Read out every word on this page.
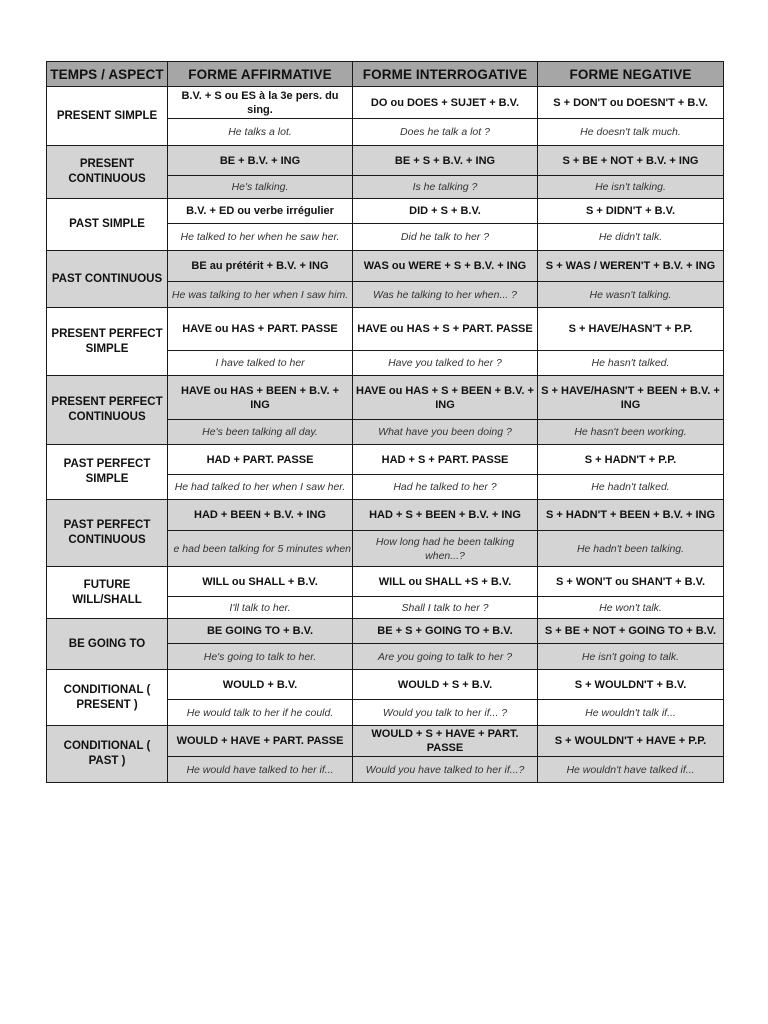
TEMPS / ASPECT	FORME AFFIRMATIVE	FORME INTERROGATIVE	FORME NEGATIVE
PRESENT SIMPLE	B.V. + S ou ES à la 3e pers. du sing.	DO ou DOES + SUJET + B.V.	S + DON'T ou DOESN'T + B.V.
	He talks a lot.	Does he talk a lot ?	He doesn't talk much.
PRESENT CONTINUOUS	BE + B.V. + ING	BE + S + B.V. + ING	S + BE + NOT + B.V. + ING
	He's talking.	Is he talking ?	He isn't talking.
PAST SIMPLE	B.V. + ED ou verbe irrégulier	DID + S + B.V.	S + DIDN'T + B.V.
	He talked to her when he saw her.	Did he talk to her ?	He didn't talk.
PAST CONTINUOUS	BE au prétérit + B.V. + ING	WAS ou WERE + S + B.V. + ING	S + WAS / WEREN'T + B.V. + ING
	He was talking to her when I saw him.	Was he talking to her when... ?	He wasn't talking.
PRESENT PERFECT SIMPLE	HAVE ou HAS + PART. PASSE	HAVE ou HAS + S + PART. PASSE	S + HAVE/HASN'T + P.P.
	I have talked to her	Have you talked to her ?	He hasn't talked.
PRESENT PERFECT CONTINUOUS	HAVE ou HAS + BEEN + B.V. + ING	HAVE ou HAS + S + BEEN + B.V. + ING	S + HAVE/HASN'T + BEEN + B.V. + ING
	He's been talking all day.	What have you been doing ?	He hasn't been working.
PAST PERFECT SIMPLE	HAD + PART. PASSE	HAD + S + PART. PASSE	S + HADN'T + P.P.
	He had talked to her when I saw her.	Had he talked to her ?	He hadn't talked.
PAST PERFECT CONTINUOUS	HAD + BEEN + B.V. + ING	HAD + S + BEEN + B.V. + ING	S + HADN'T + BEEN + B.V. + ING
	e had been talking for 5 minutes when	How long had he been talking when...?	He hadn't been talking.
FUTURE WILL/SHALL	WILL ou SHALL + B.V.	WILL ou SHALL +S + B.V.	S + WON'T ou SHAN'T + B.V.
	I'll talk to her.	Shall I talk to her ?	He won't talk.
BE GOING TO	BE GOING TO + B.V.	BE + S + GOING TO + B.V.	S + BE + NOT + GOING TO + B.V.
	He's going to talk to her.	Are you going to talk to her ?	He isn't going to talk.
CONDITIONAL ( PRESENT )	WOULD + B.V.	WOULD + S + B.V.	S + WOULDN'T + B.V.
	He would talk to her if he could.	Would you talk to her if... ?	He wouldn't talk if...
CONDITIONAL ( PAST )	WOULD + HAVE + PART. PASSE	WOULD + S + HAVE + PART. PASSE	S + WOULDN'T + HAVE + P.P.
	He would have talked to her if...	Would you have talked to her if...?	He wouldn't have talked if...
